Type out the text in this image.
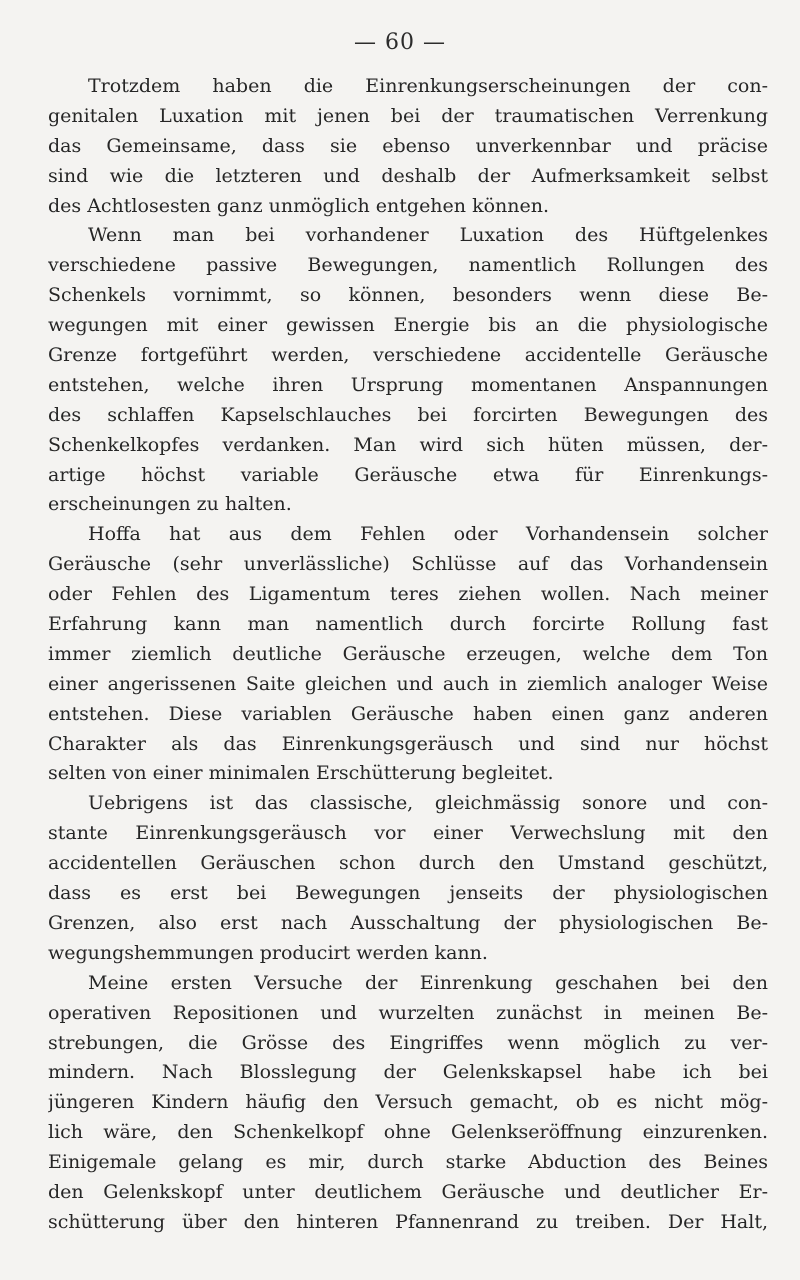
— 60 —
Trotzdem haben die Einrenkungserscheinungen der con-
genitalen Luxation mit jenen bei der traumatischen Verrenkung
das Gemeinsame, dass sie ebenso unverkennbar und präcise
sind wie die letzteren und deshalb der Aufmerksamkeit selbst
des Achtlosesten ganz unmöglich entgehen können.
Wenn man bei vorhandener Luxation des Hüftgelenkes
verschiedene passive Bewegungen, namentlich Rollungen des
Schenkels vornimmt, so können, besonders wenn diese Be-
wegungen mit einer gewissen Energie bis an die physiologische
Grenze fortgeführt werden, verschiedene accidentelle Geräusche
entstehen, welche ihren Ursprung momentanen Anspannungen
des schlaffen Kapselschlauches bei forcirten Bewegungen des
Schenkelkopfes verdanken. Man wird sich hüten müssen, der-
artige höchst variable Geräusche etwa für Einrenkungs-
erscheinungen zu halten.
Hoffa hat aus dem Fehlen oder Vorhandensein solcher
Geräusche (sehr unverlässliche) Schlüsse auf das Vorhandensein
oder Fehlen des Ligamentum teres ziehen wollen. Nach meiner
Erfahrung kann man namentlich durch forcirte Rollung fast
immer ziemlich deutliche Geräusche erzeugen, welche dem Ton
einer angerissenen Saite gleichen und auch in ziemlich analoger Weise
entstehen. Diese variablen Geräusche haben einen ganz anderen
Charakter als das Einrenkungsgeräusch und sind nur höchst
selten von einer minimalen Erschütterung begleitet.
Uebrigens ist das classische, gleichmässig sonore und con-
stante Einrenkungsgeräusch vor einer Verwechslung mit den
accidentellen Geräuschen schon durch den Umstand geschützt,
dass es erst bei Bewegungen jenseits der physiologischen
Grenzen, also erst nach Ausschaltung der physiologischen Be-
wegungshemmungen producirt werden kann.
Meine ersten Versuche der Einrenkung geschahen bei den
operativen Repositionen und wurzelten zunächst in meinen Be-
strebungen, die Grösse des Eingriffes wenn möglich zu ver-
mindern. Nach Blosslegung der Gelenkskapsel habe ich bei
jüngeren Kindern häufig den Versuch gemacht, ob es nicht mög-
lich wäre, den Schenkelkopf ohne Gelenkseröffnung einzurenken.
Einigemale gelang es mir, durch starke Abduction des Beines
den Gelenkskopf unter deutlichem Geräusche und deutlicher Er-
schütterung über den hinteren Pfannenrand zu treiben. Der Halt,
